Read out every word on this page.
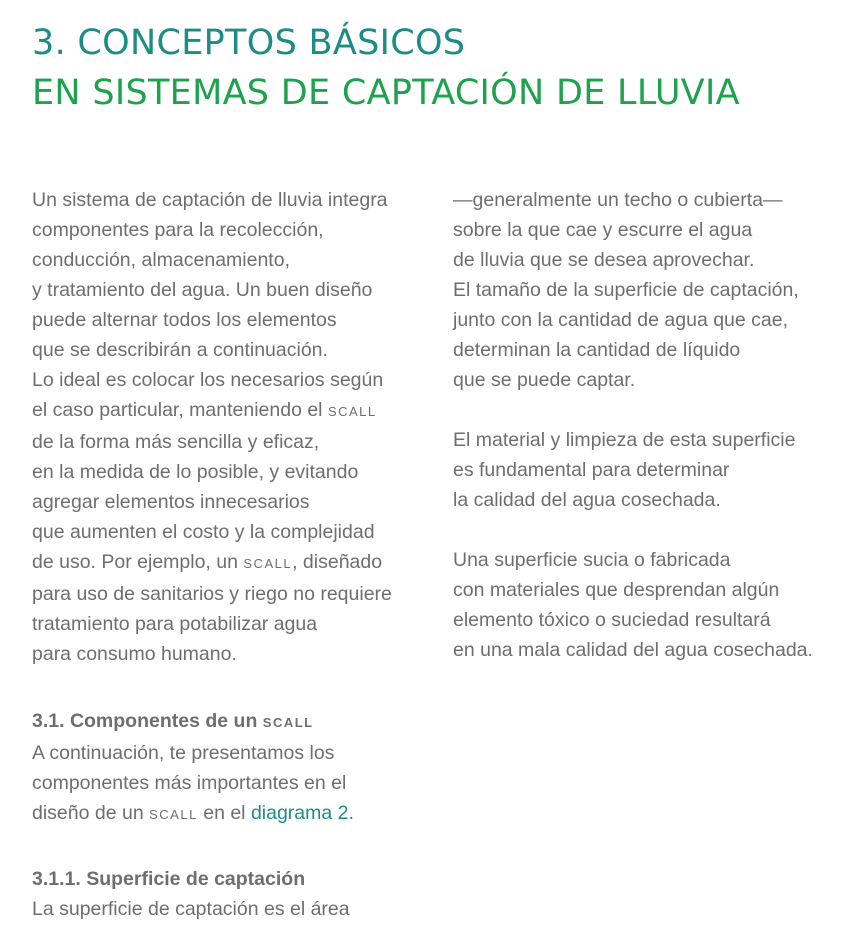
3. CONCEPTOS BÁSICOS
EN SISTEMAS DE CAPTACIÓN DE LLUVIA
Un sistema de captación de lluvia integra
componentes para la recolección,
conducción, almacenamiento,
y tratamiento del agua. Un buen diseño
puede alternar todos los elementos
que se describirán a continuación.
Lo ideal es colocar los necesarios según
el caso particular, manteniendo el SCALL
de la forma más sencilla y eficaz,
en la medida de lo posible, y evitando
agregar elementos innecesarios
que aumenten el costo y la complejidad
de uso. Por ejemplo, un SCALL, diseñado
para uso de sanitarios y riego no requiere
tratamiento para potabilizar agua
para consumo humano.
—generalmente un techo o cubierta—
sobre la que cae y escurre el agua
de lluvia que se desea aprovechar.
El tamaño de la superficie de captación,
junto con la cantidad de agua que cae,
determinan la cantidad de líquido
que se puede captar.
El material y limpieza de esta superficie
es fundamental para determinar
la calidad del agua cosechada.
Una superficie sucia o fabricada
con materiales que desprendan algún
elemento tóxico o suciedad resultará
en una mala calidad del agua cosechada.
3.1. Componentes de un SCALL
A continuación, te presentamos los
componentes más importantes en el
diseño de un SCALL en el diagrama 2.
3.1.1. Superficie de captación
La superficie de captación es el área
